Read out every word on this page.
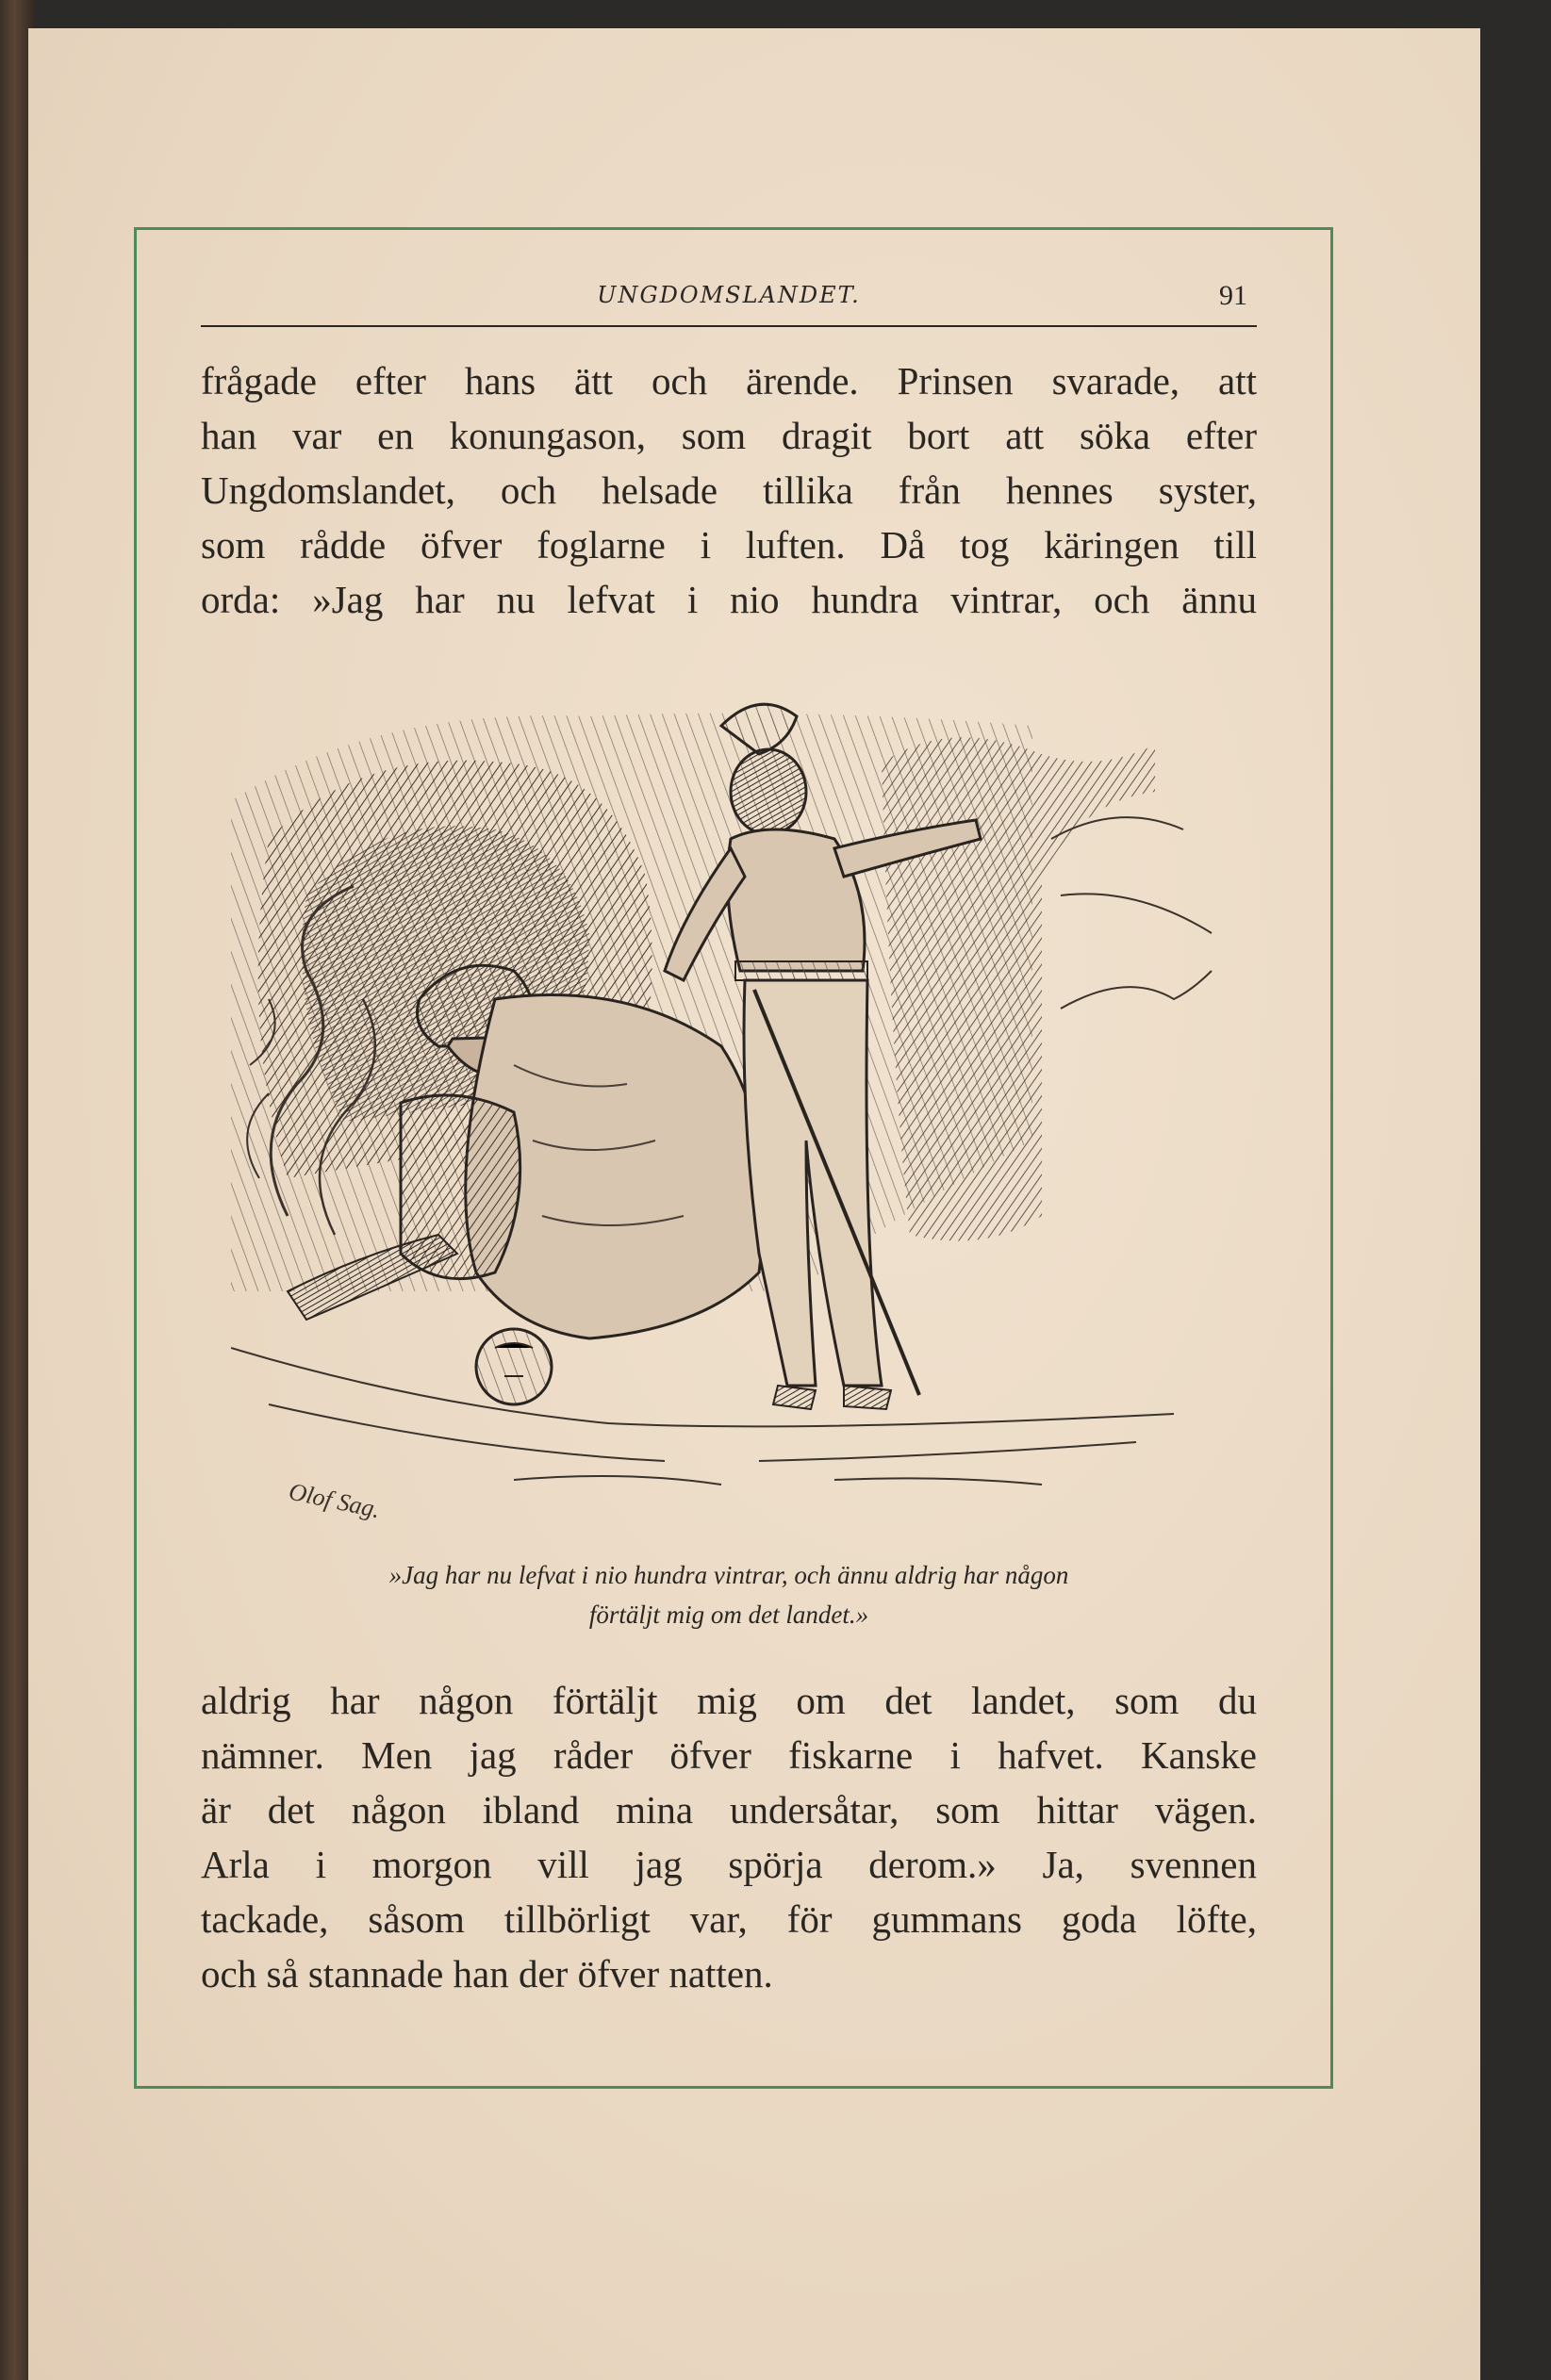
UNGDOMSLANDET.	91
frågade efter hans ätt och ärende. Prinsen svarade, att
han var en konungason, som dragit bort att söka efter
Ungdomslandet, och helsade tillika från hennes syster,
som rådde öfver foglarne i luften. Då tog käringen till
orda: »Jag har nu lefvat i nio hundra vintrar, och ännu
Olof Sag.
»Jag har nu lefvat i nio hundra vintrar, och ännu aldrig har någon
förtäljt mig om det landet.»
aldrig har någon förtäljt mig om det landet, som du
nämner. Men jag råder öfver fiskarne i hafvet. Kanske
är det någon ibland mina undersåtar, som hittar vägen.
Arla i morgon vill jag spörja derom.» Ja, svennen
tackade, såsom tillbörligt var, för gummans goda löfte,
och så stannade han der öfver natten.
